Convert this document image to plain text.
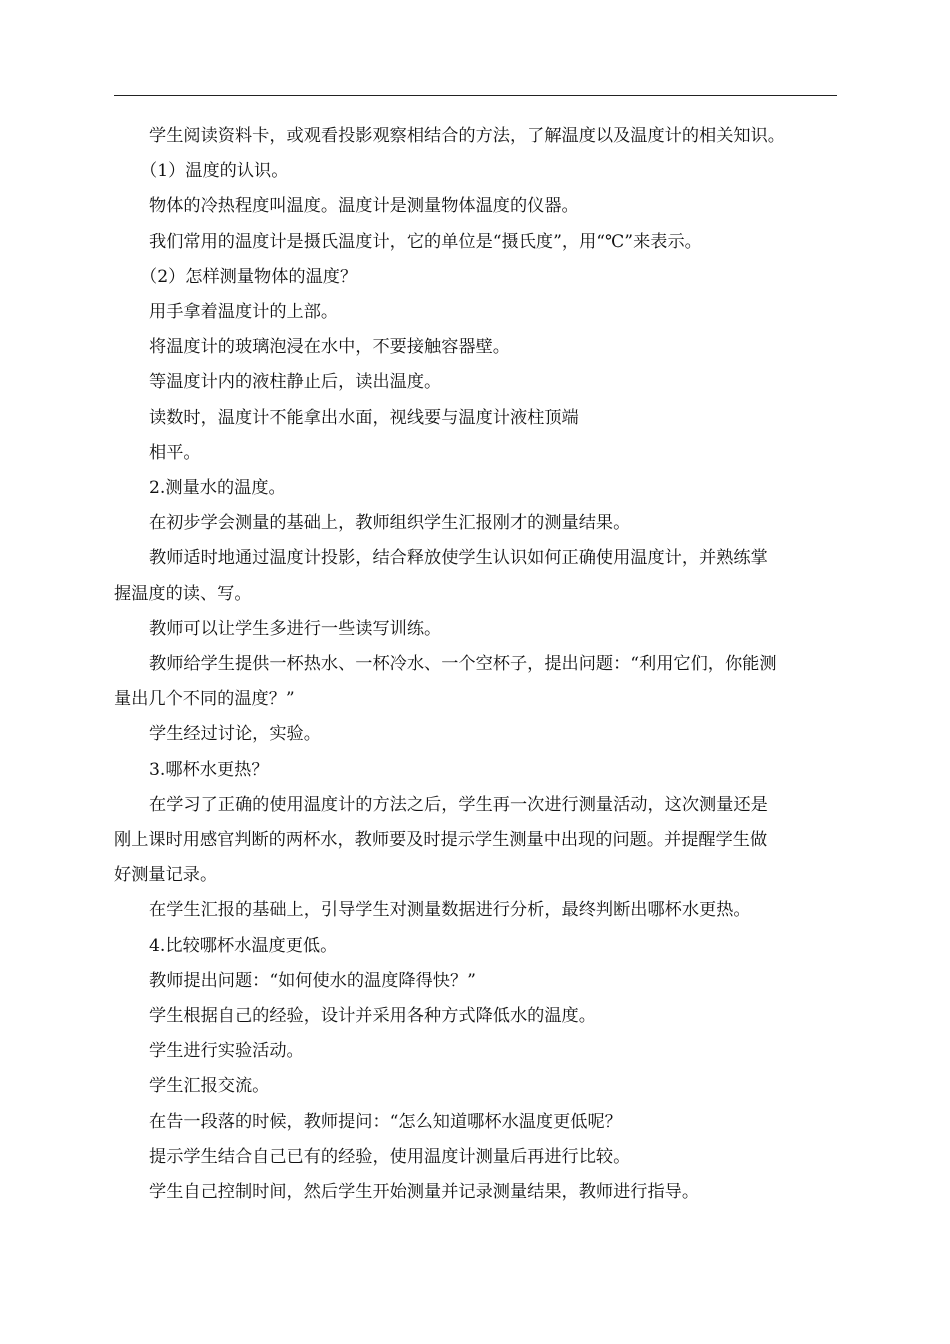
学生阅读资料卡，或观看投影观察相结合的方法，了解温度以及温度计的相关知识。

（1）温度的认识。

物体的冷热程度叫温度。温度计是测量物体温度的仪器。

我们常用的温度计是摄氏温度计，它的单位是“摄氏度”，用“℃”来表示。

（2）怎样测量物体的温度？

用手拿着温度计的上部。

将温度计的玻璃泡浸在水中，不要接触容器壁。

等温度计内的液柱静止后，读出温度。

读数时，温度计不能拿出水面，视线要与温度计液柱顶端

相平。

2.测量水的温度。

在初步学会测量的基础上，教师组织学生汇报刚才的测量结果。

教师适时地通过温度计投影，结合释放使学生认识如何正确使用温度计，并熟练掌

握温度的读、写。

教师可以让学生多进行一些读写训练。

教师给学生提供一杯热水、一杯冷水、一个空杯子，提出问题：“利用它们，你能测

量出几个不同的温度？”

学生经过讨论，实验。

3.哪杯水更热？

在学习了正确的使用温度计的方法之后，学生再一次进行测量活动，这次测量还是

刚上课时用感官判断的两杯水，教师要及时提示学生测量中出现的问题。并提醒学生做

好测量记录。

在学生汇报的基础上，引导学生对测量数据进行分析，最终判断出哪杯水更热。

4.比较哪杯水温度更低。

教师提出问题：“如何使水的温度降得快？”

学生根据自己的经验，设计并采用各种方式降低水的温度。

学生进行实验活动。

学生汇报交流。

在告一段落的时候，教师提问：“怎么知道哪杯水温度更低呢？

提示学生结合自己已有的经验，使用温度计测量后再进行比较。

学生自己控制时间，然后学生开始测量并记录测量结果，教师进行指导。
